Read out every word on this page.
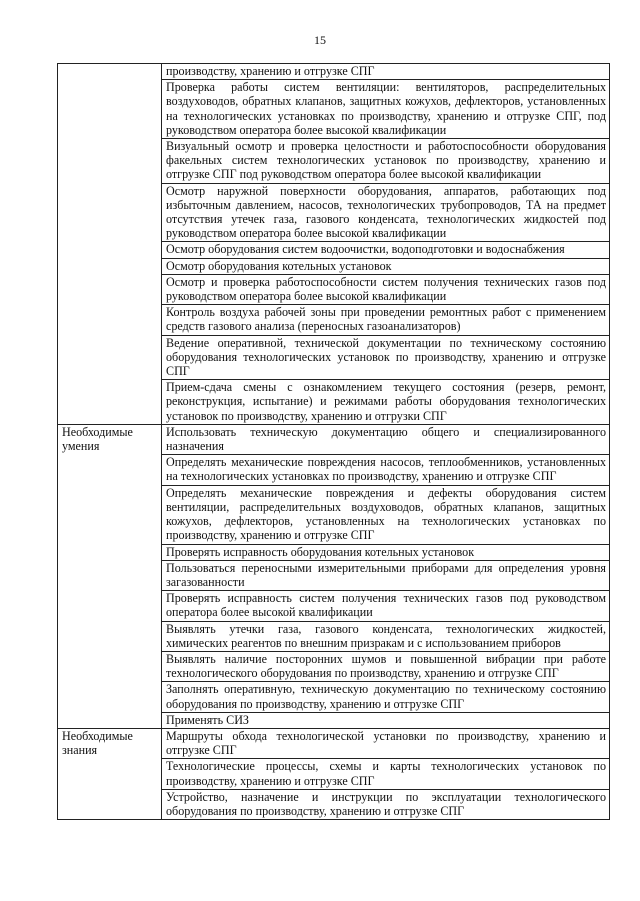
15
	производству, хранению и отгрузке СПГ
	Проверка работы систем вентиляции: вентиляторов, распределительных воздуховодов, обратных клапанов, защитных кожухов, дефлекторов, установленных на технологических установках по производству, хранению и отгрузке СПГ, под руководством оператора более высокой квалификации
	Визуальный осмотр и проверка целостности и работоспособности оборудования факельных систем технологических установок по производству, хранению и отгрузке СПГ под руководством оператора более высокой квалификации
	Осмотр наружной поверхности оборудования, аппаратов, работающих под избыточным давлением, насосов, технологических трубопроводов, ТА на предмет отсутствия утечек газа, газового конденсата, технологических жидкостей под руководством оператора более высокой квалификации
	Осмотр оборудования систем водоочистки, водоподготовки и водоснабжения
	Осмотр оборудования котельных установок
	Осмотр и проверка работоспособности систем получения технических газов под руководством оператора более высокой квалификации
	Контроль воздуха рабочей зоны при проведении ремонтных работ с применением средств газового анализа (переносных газоанализаторов)
	Ведение оперативной, технической документации по техническому состоянию оборудования технологических установок по производству, хранению и отгрузке СПГ
	Прием-сдача смены с ознакомлением текущего состояния (резерв, ремонт, реконструкция, испытание) и режимами работы оборудования технологических установок по производству, хранению и отгрузки СПГ
Необходимые умения	Использовать техническую документацию общего и специализированного назначения
	Определять механические повреждения насосов, теплообменников, установленных на технологических установках по производству, хранению и отгрузке СПГ
	Определять механические повреждения и дефекты оборудования систем вентиляции, распределительных воздуховодов, обратных клапанов, защитных кожухов, дефлекторов, установленных на технологических установках по производству, хранению и отгрузке СПГ
	Проверять исправность оборудования котельных установок
	Пользоваться переносными измерительными приборами для определения уровня загазованности
	Проверять исправность систем получения технических газов под руководством оператора более высокой квалификации
	Выявлять утечки газа, газового конденсата, технологических жидкостей, химических реагентов по внешним призракам и с использованием приборов
	Выявлять наличие посторонних шумов и повышенной вибрации при работе технологического оборудования по производству, хранению и отгрузке СПГ
	Заполнять оперативную, техническую документацию по техническому состоянию оборудования по производству, хранению и отгрузке СПГ
	Применять СИЗ
Необходимые знания	Маршруты обхода технологической установки по производству, хранению и отгрузке СПГ
	Технологические процессы, схемы и карты технологических установок по производству, хранению и отгрузке СПГ
	Устройство, назначение и инструкции по эксплуатации технологического оборудования по производству, хранению и отгрузке СПГ
